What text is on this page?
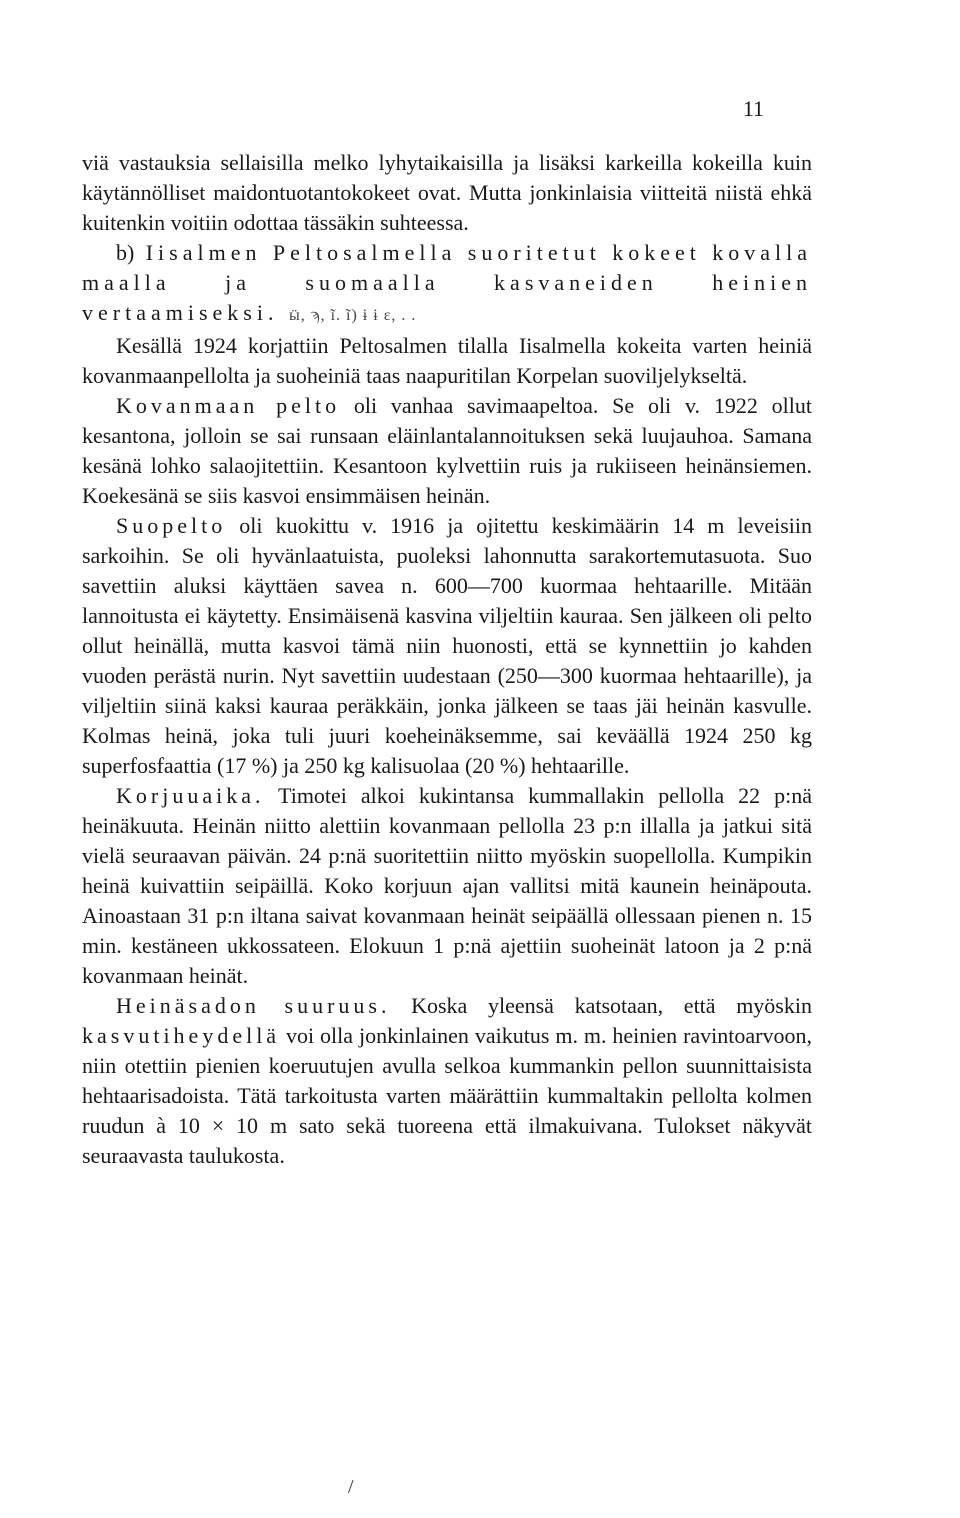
11

viä vastauksia sellaisilla melko lyhytaikaisilla ja lisäksi karkeilla kokeilla kuin käytännölliset maidontuotantokokeet ovat. Mutta jonkinlaisia viitteitä niistä ehkä kuitenkin voitiin odottaa tässäkin suhteessa.

b) Iisalmen Peltosalmella suoritetut kokeet kovalla maalla ja suomaalla kasvaneiden heinien vertaamiseksi. ӹ, ϡ, ĩ. ĩ) ɨ ɨ ɛ, . .

Kesällä 1924 korjattiin Peltosalmen tilalla Iisalmella kokeita varten heiniä kovanmaanpellolta ja suoheiniä taas naapuritilan Korpelan suoviljelykseltä.

Kovanmaan pelto oli vanhaa savimaapeltoa. Se oli v. 1922 ollut kesantona, jolloin se sai runsaan eläinlantalannoituksen sekä luujauhoa. Samana kesänä lohko salaojitettiin. Kesantoon kylvettiin ruis ja rukiiseen heinänsiemen. Koekesänä se siis kasvoi ensimmäisen heinän.

Suopelto oli kuokittu v. 1916 ja ojitettu keskimäärin 14 m leveisiin sarkoihin. Se oli hyvänlaatuista, puoleksi lahonnutta sarakortemutasuota. Suo savettiin aluksi käyttäen savea n. 600—700 kuormaa hehtaarille. Mitään lannoitusta ei käytetty. Ensimäisenä kasvina viljeltiin kauraa. Sen jälkeen oli pelto ollut heinällä, mutta kasvoi tämä niin huonosti, että se kynnettiin jo kahden vuoden perästä nurin. Nyt savettiin uudestaan (250—300 kuormaa hehtaarille), ja viljeltiin siinä kaksi kauraa peräkkäin, jonka jälkeen se taas jäi heinän kasvulle. Kolmas heinä, joka tuli juuri koeheinäksemme, sai keväällä 1924 250 kg superfosfaattia (17 %) ja 250 kg kalisuolaa (20 %) hehtaarille.

Korjuuaika. Timotei alkoi kukintansa kummallakin pellolla 22 p:nä heinäkuuta. Heinän niitto alettiin kovanmaan pellolla 23 p:n illalla ja jatkui sitä vielä seuraavan päivän. 24 p:nä suoritettiin niitto myöskin suopellolla. Kumpikin heinä kuivattiin seipäillä. Koko korjuun ajan vallitsi mitä kaunein heinäpouta. Ainoastaan 31 p:n iltana saivat kovanmaan heinät seipäällä ollessaan pienen n. 15 min. kestäneen ukkossateen. Elokuun 1 p:nä ajettiin suoheinät latoon ja 2 p:nä kovanmaan heinät.

Heinäsadon suuruus. Koska yleensä katsotaan, että myöskin kasvutiheydellä voi olla jonkinlainen vaikutus m. m. heinien ravintoarvoon, niin otettiin pienien koeruutujen avulla selkoa kummankin pellon suunnittaisista hehtaarisadoista. Tätä tarkoitusta varten määrättiin kummaltakin pellolta kolmen ruudun à 10 × 10 m sato sekä tuoreena että ilmakuivana. Tulokset näkyvät seuraavasta taulukosta.

/
